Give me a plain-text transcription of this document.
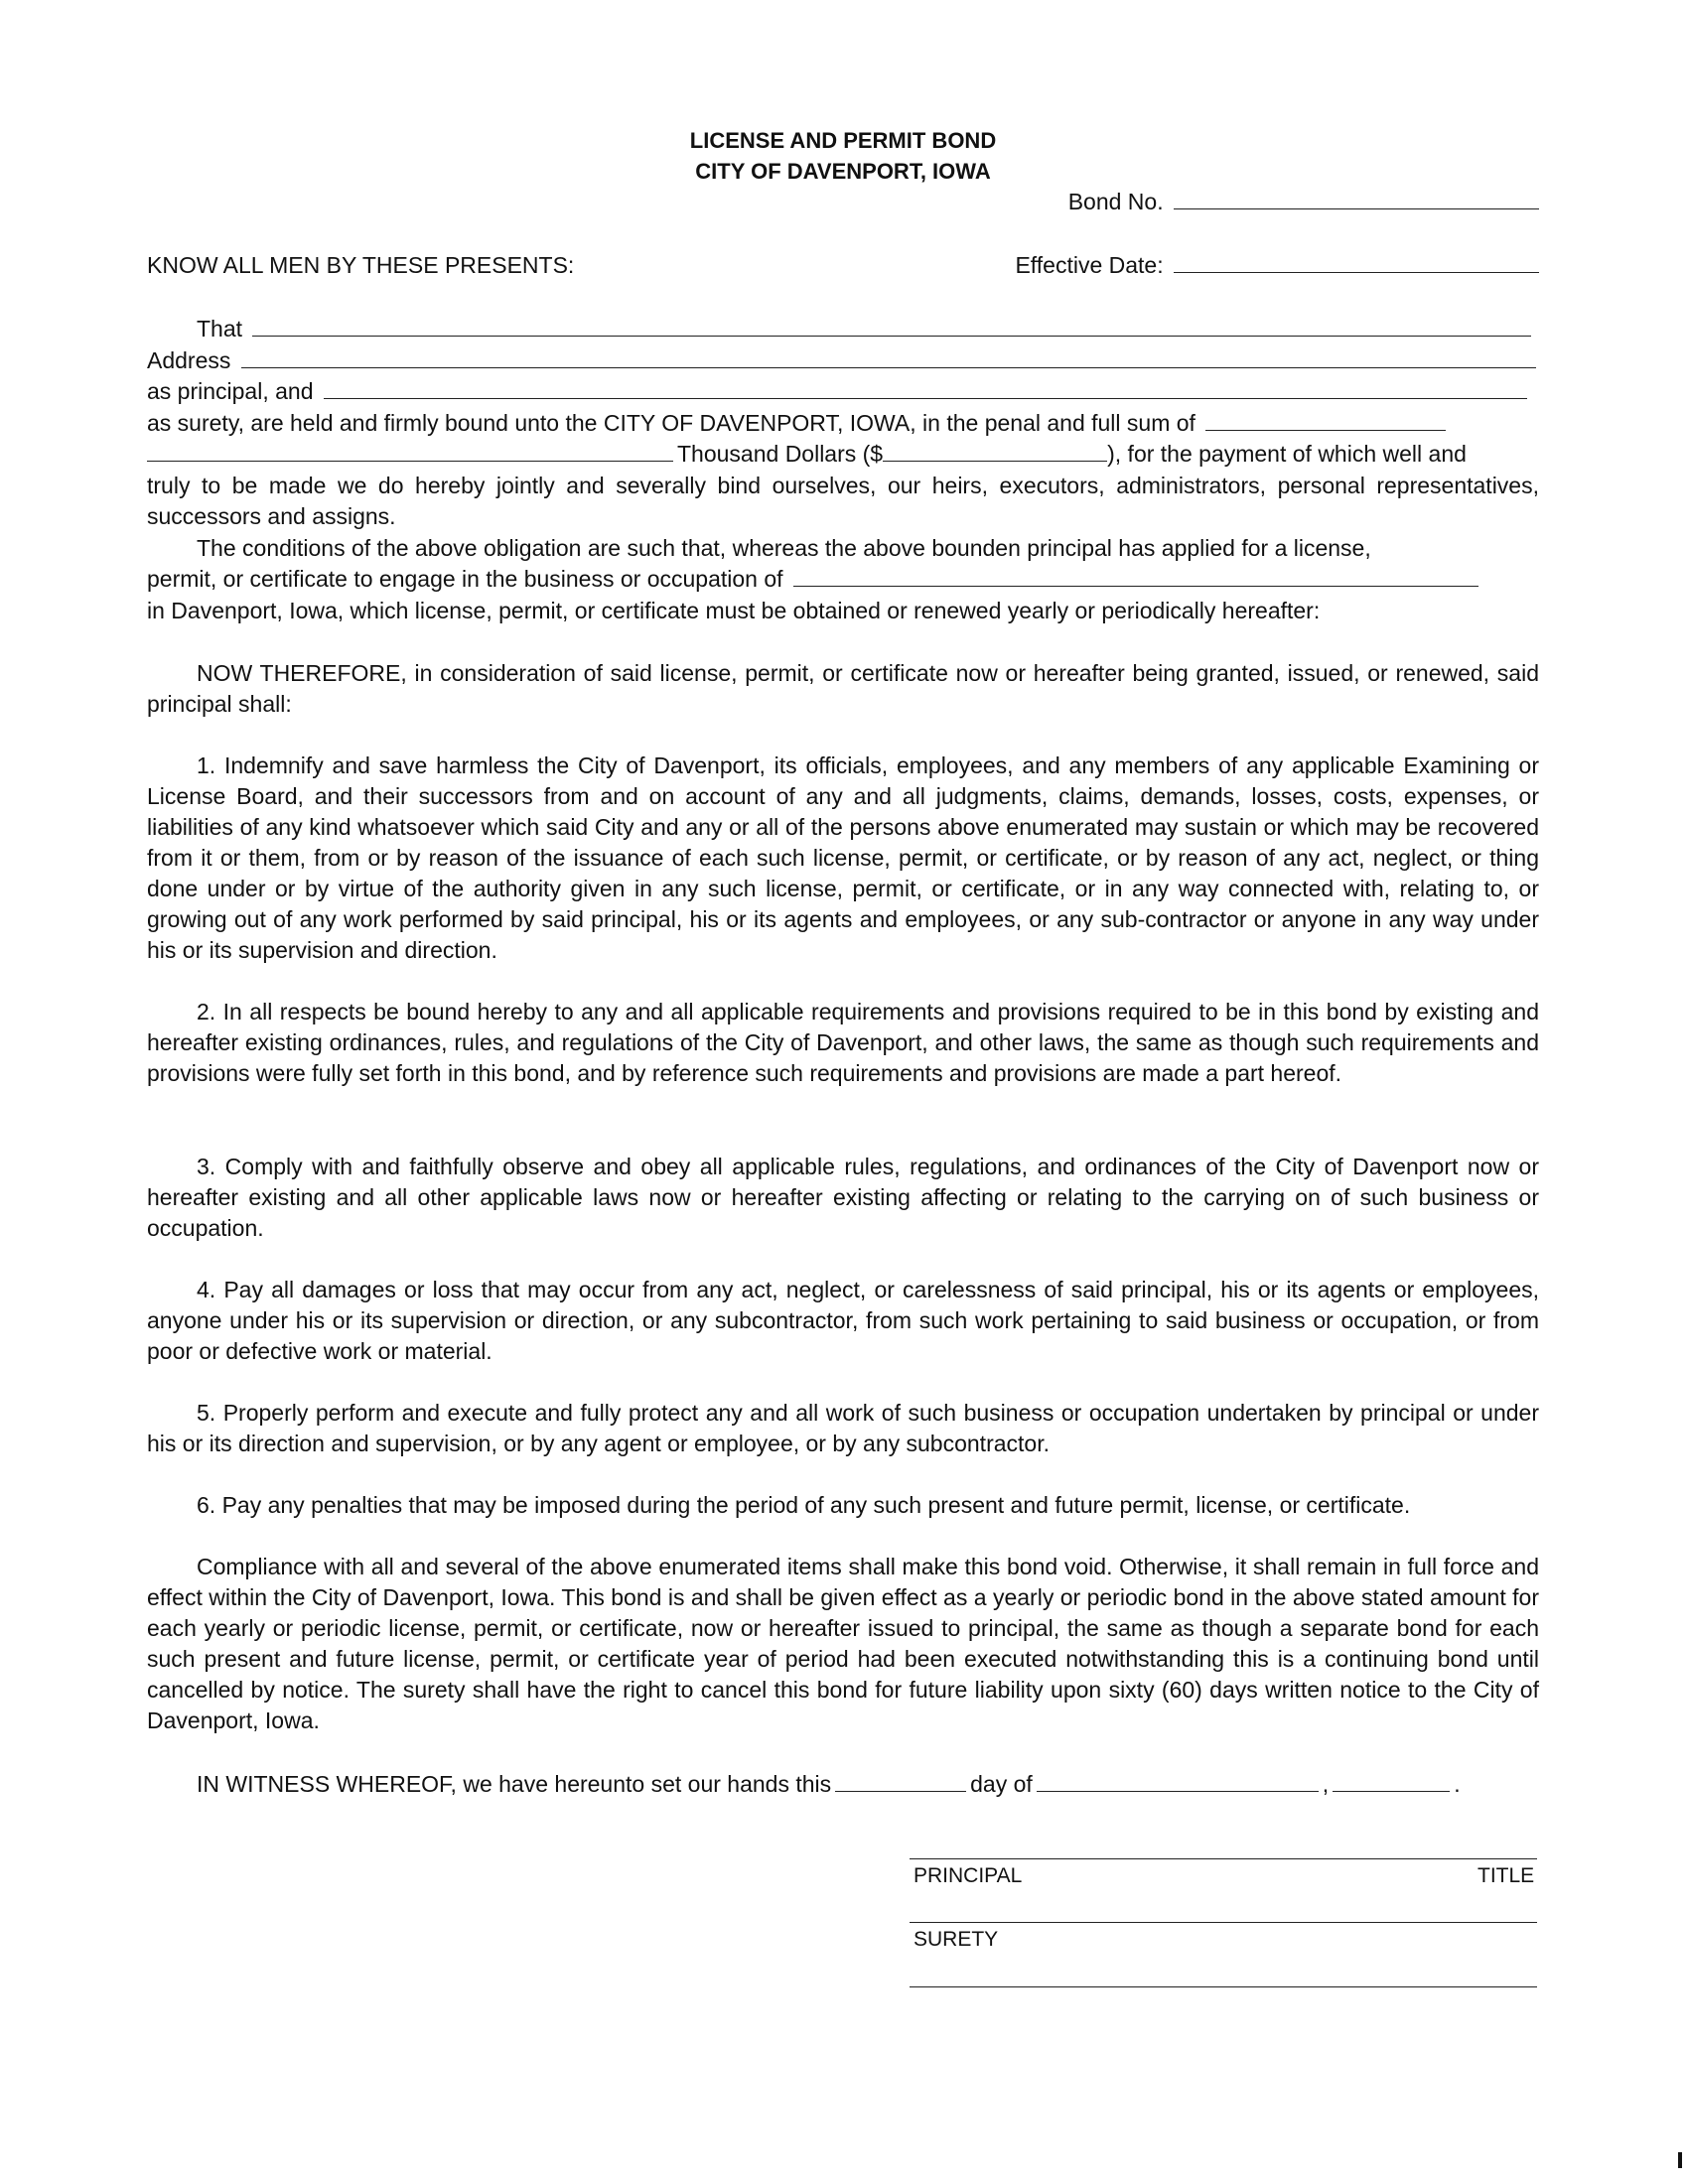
LICENSE AND PERMIT BOND
CITY OF DAVENPORT, IOWA
Bond No.
KNOW ALL MEN BY THESE PRESENTS:	Effective Date:
That
Address
as principal, and
as surety, are held and firmly bound unto the CITY OF DAVENPORT, IOWA, in the penal and full sum of
Thousand Dollars ($	), for the payment of which well and
truly to be made we do hereby jointly and severally bind ourselves, our heirs, executors, administrators, personal representatives, successors and assigns.
The conditions of the above obligation are such that, whereas the above bounden principal has applied for a license,
permit, or certificate to engage in the business or occupation of
in Davenport, Iowa, which license, permit, or certificate must be obtained or renewed yearly or periodically hereafter:
NOW THEREFORE, in consideration of said license, permit, or certificate now or hereafter being granted, issued, or renewed, said principal shall:
1. Indemnify and save harmless the City of Davenport, its officials, employees, and any members of any applicable Examining or License Board, and their successors from and on account of any and all judgments, claims, demands, losses, costs, expenses, or liabilities of any kind whatsoever which said City and any or all of the persons above enumerated may sustain or which may be recovered from it or them, from or by reason of the issuance of each such license, permit, or certificate, or by reason of any act, neglect, or thing done under or by virtue of the authority given in any such license, permit, or certificate, or in any way connected with, relating to, or growing out of any work performed by said principal, his or its agents and employees, or any sub-contractor or anyone in any way under his or its supervision and direction.
2. In all respects be bound hereby to any and all applicable requirements and provisions required to be in this bond by existing and hereafter existing ordinances, rules, and regulations of the City of Davenport, and other laws, the same as though such requirements and provisions were fully set forth in this bond, and by reference such requirements and provisions are made a part hereof.
3. Comply with and faithfully observe and obey all applicable rules, regulations, and ordinances of the City of Davenport now or hereafter existing and all other applicable laws now or hereafter existing affecting or relating to the carrying on of such business or occupation.
4. Pay all damages or loss that may occur from any act, neglect, or carelessness of said principal, his or its agents or employees, anyone under his or its supervision or direction, or any subcontractor, from such work pertaining to said business or occupation, or from poor or defective work or material.
5. Properly perform and execute and fully protect any and all work of such business or occupation undertaken by principal or under his or its direction and supervision, or by any agent or employee, or by any subcontractor.
6. Pay any penalties that may be imposed during the period of any such present and future permit, license, or certificate.
Compliance with all and several of the above enumerated items shall make this bond void. Otherwise, it shall remain in full force and effect within the City of Davenport, Iowa. This bond is and shall be given effect as a yearly or periodic bond in the above stated amount for each yearly or periodic license, permit, or certificate, now or hereafter issued to principal, the same as though a separate bond for each such present and future license, permit, or certificate year of period had been executed notwithstanding this is a continuing bond until cancelled by notice. The surety shall have the right to cancel this bond for future liability upon sixty (60) days written notice to the City of Davenport, Iowa.
IN WITNESS WHEREOF, we have hereunto set our hands this	day of	,	.
PRINCIPAL	TITLE
SURETY
